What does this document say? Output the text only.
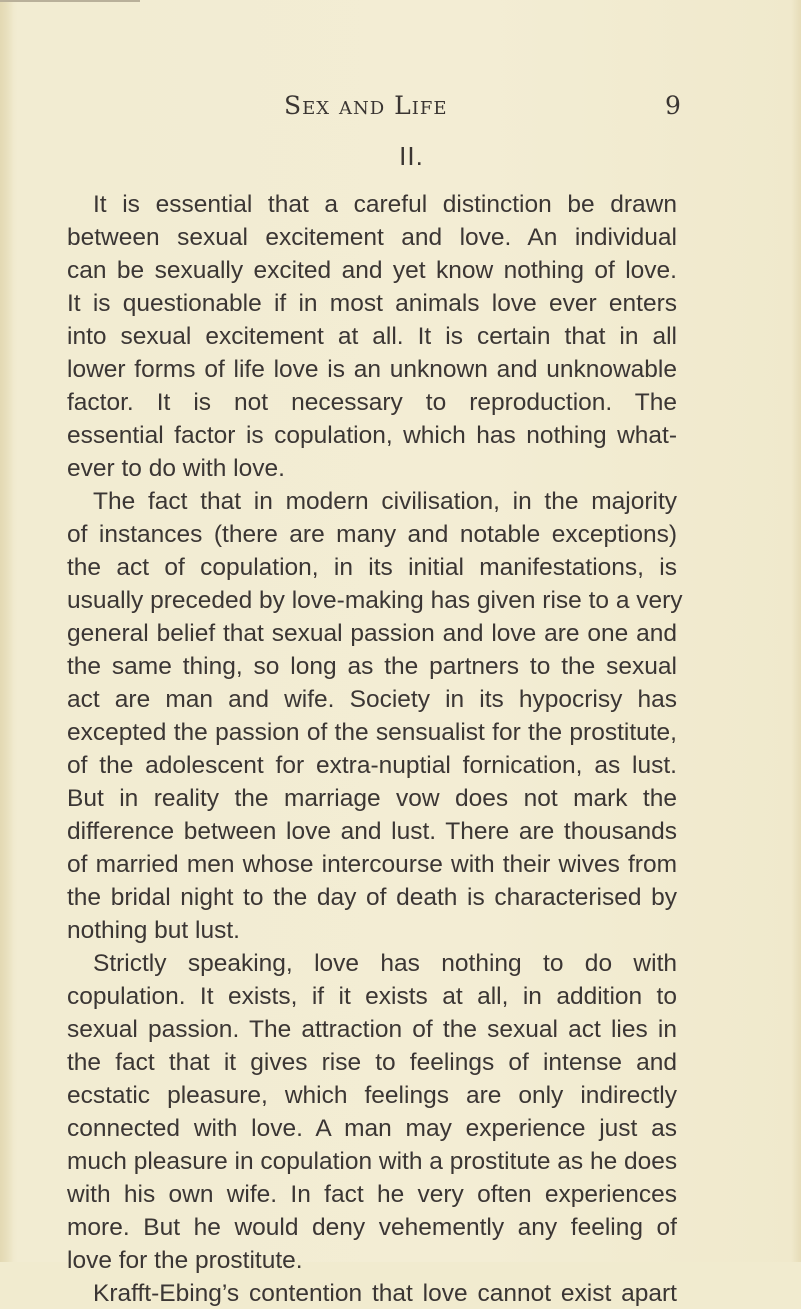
Sex and Life	9
II.
It is essential that a careful distinction be drawn
between sexual excitement and love. An individual
can be sexually excited and yet know nothing of love.
It is questionable if in most animals love ever enters
into sexual excitement at all. It is certain that in all
lower forms of life love is an unknown and unknowable
factor. It is not necessary to reproduction. The
essential factor is copulation, which has nothing what-
ever to do with love.
The fact that in modern civilisation, in the majority
of instances (there are many and notable exceptions)
the act of copulation, in its initial manifestations, is
usually preceded by love-making has given rise to a very
general belief that sexual passion and love are one and
the same thing, so long as the partners to the sexual
act are man and wife. Society in its hypocrisy has
excepted the passion of the sensualist for the prostitute,
of the adolescent for extra-nuptial fornication, as lust.
But in reality the marriage vow does not mark the
difference between love and lust. There are thousands
of married men whose intercourse with their wives from
the bridal night to the day of death is characterised by
nothing but lust.
Strictly speaking, love has nothing to do with
copulation. It exists, if it exists at all, in addition to
sexual passion. The attraction of the sexual act lies in
the fact that it gives rise to feelings of intense and
ecstatic pleasure, which feelings are only indirectly
connected with love. A man may experience just as
much pleasure in copulation with a prostitute as he does
with his own wife. In fact he very often experiences
more. But he would deny vehemently any feeling of
love for the prostitute.
Krafft-Ebing’s contention that love cannot exist apart
